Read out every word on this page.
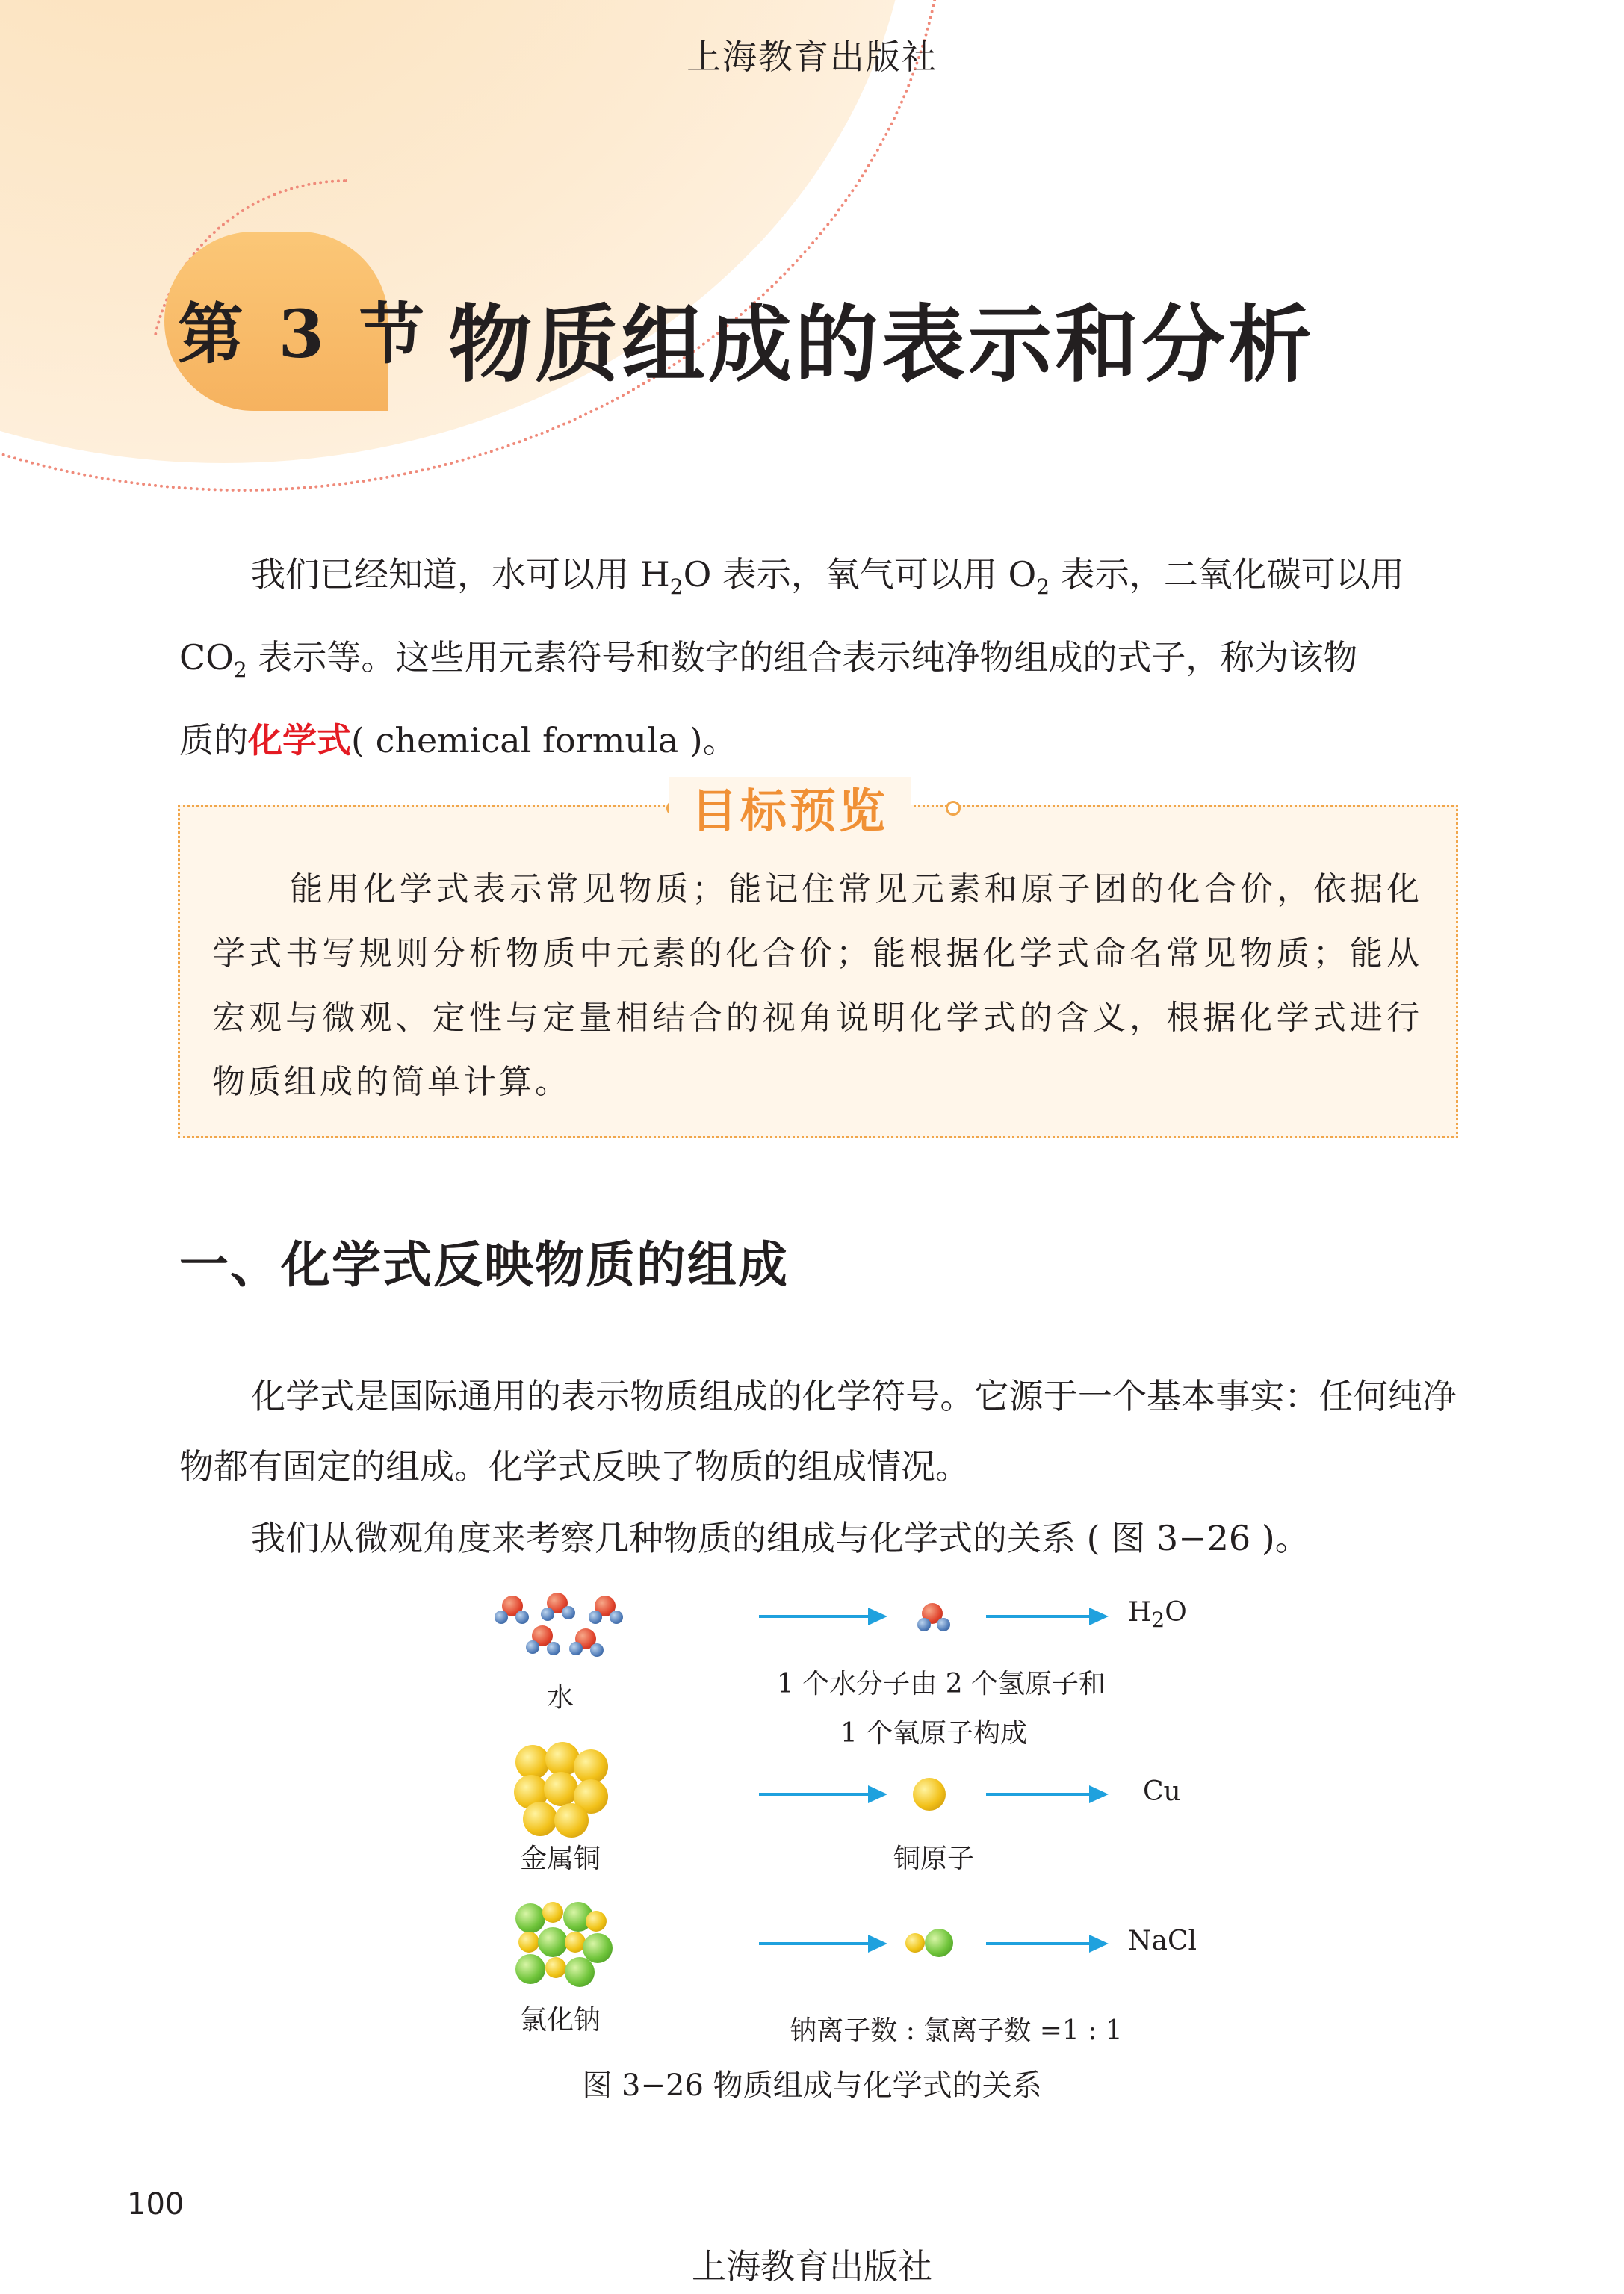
上海教育出版社
第 3 节 物质组成的表示和分析
我们已经知道，水可以用 $H_2O$ 表示，氧气可以用 $O_2$ 表示，二氧化碳可以用
$CO_2$ 表示等。这些用元素符号和数字的组合表示纯净物组成的式子，称为该物
质的化学式( chemical formula )。
目标预览
能用化学式表示常见物质；能记住常见元素和原子团的化合价，依据化学式书写规则分析物质中元素的化合价；能根据化学式命名常见物质；能从宏观与微观、定性与定量相结合的视角说明化学式的含义，根据化学式进行物质组成的简单计算。
一、化学式反映物质的组成
化学式是国际通用的表示物质组成的化学符号。它源于一个基本事实：任何纯净物都有固定的组成。化学式反映了物质的组成情况。
我们从微观角度来考察几种物质的组成与化学式的关系 ( 图 3−26 )。
水
$H_2O$
1 个水分子由 2 个氢原子和
1 个氧原子构成
金属铜
Cu
铜原子
氯化钠
NaCl
钠离子数 : 氯离子数 =1 : 1
图 3−26 物质组成与化学式的关系
100
上海教育出版社
